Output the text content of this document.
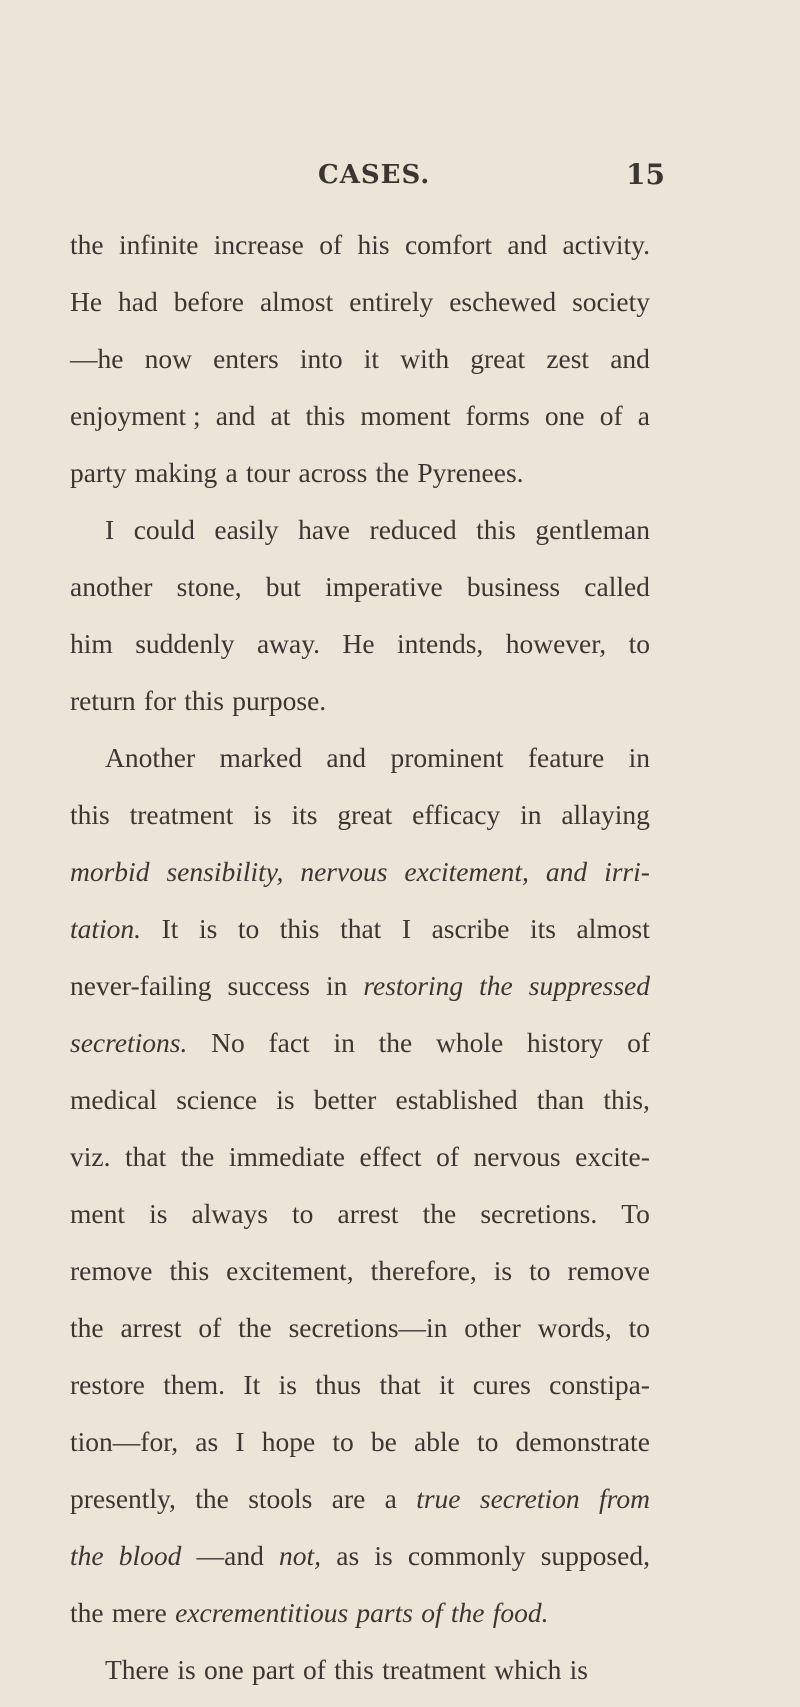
CASES.	15
the infinite increase of his comfort and activity.
He had before almost entirely eschewed society
—he now enters into it with great zest and
enjoyment ; and at this moment forms one of a
party making a tour across the Pyrenees.
I could easily have reduced this gentleman
another stone, but imperative business called
him suddenly away. He intends, however, to
return for this purpose.
Another marked and prominent feature in
this treatment is its great efficacy in allaying
morbid sensibility, nervous excitement, and irri-
tation. It is to this that I ascribe its almost
never-failing success in restoring the suppressed
secretions. No fact in the whole history of
medical science is better established than this,
viz. that the immediate effect of nervous excite-
ment is always to arrest the secretions. To
remove this excitement, therefore, is to remove
the arrest of the secretions—in other words, to
restore them. It is thus that it cures constipa-
tion—for, as I hope to be able to demonstrate
presently, the stools are a true secretion from
the blood —and not, as is commonly supposed,
the mere excrementitious parts of the food.
There is one part of this treatment which is
